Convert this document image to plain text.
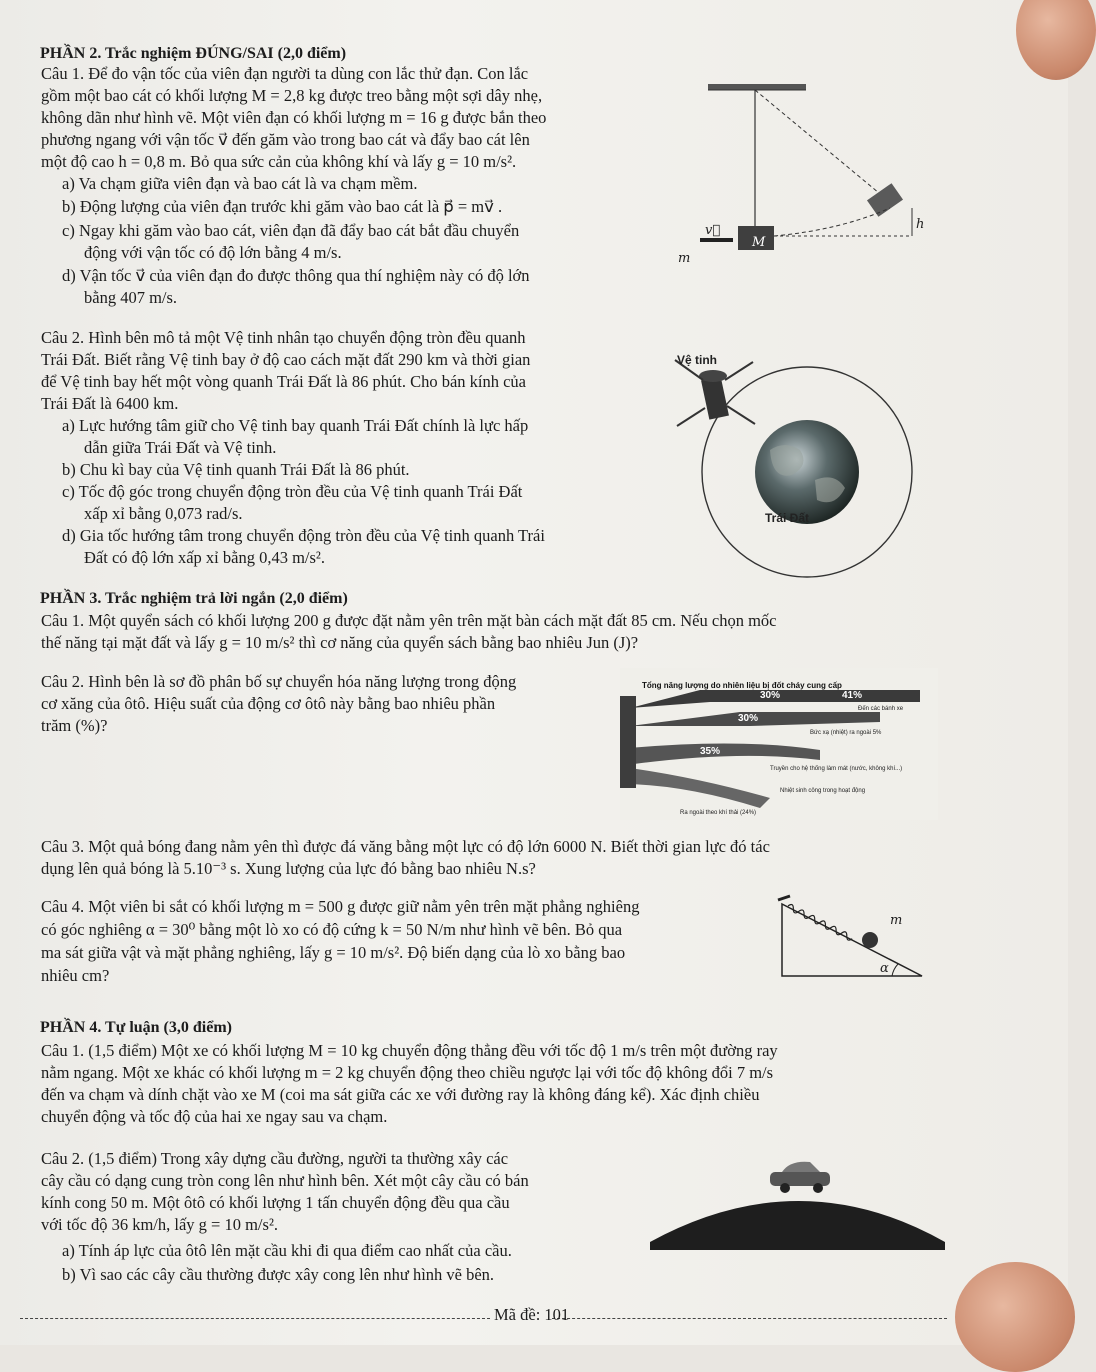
PHẦN 2. Trắc nghiệm ĐÚNG/SAI (2,0 điểm)
Câu 1. Để đo vận tốc của viên đạn người ta dùng con lắc thử đạn. Con lắc
gồm một bao cát có khối lượng M = 2,8 kg được treo bằng một sợi dây nhẹ,
không dãn như hình vẽ. Một viên đạn có khối lượng m = 16 g được bắn theo
phương ngang với vận tốc v⃗ đến găm vào trong bao cát và đẩy bao cát lên
một độ cao h = 0,8 m. Bỏ qua sức cản của không khí và lấy g = 10 m/s².
a) Va chạm giữa viên đạn và bao cát là va chạm mềm.
b) Động lượng của viên đạn trước khi găm vào bao cát là p⃗ = mv⃗ .
c) Ngay khi găm vào bao cát, viên đạn đã đẩy bao cát bắt đầu chuyển
động với vận tốc có độ lớn bằng 4 m/s.
d) Vận tốc v⃗ của viên đạn đo được thông qua thí nghiệm này có độ lớn
bằng 407 m/s.
v⃗
M
m
h
Câu 2. Hình bên mô tả một Vệ tinh nhân tạo chuyển động tròn đều quanh
Trái Đất. Biết rằng Vệ tinh bay ở độ cao cách mặt đất 290 km và thời gian
để Vệ tinh bay hết một vòng quanh Trái Đất là 86 phút. Cho bán kính của
Trái Đất là 6400 km.
a) Lực hướng tâm giữ cho Vệ tinh bay quanh Trái Đất chính là lực hấp
dẫn giữa Trái Đất và Vệ tinh.
b) Chu kì bay của Vệ tinh quanh Trái Đất là 86 phút.
c) Tốc độ góc trong chuyển động tròn đều của Vệ tinh quanh Trái Đất
xấp xỉ bằng 0,073 rad/s.
d) Gia tốc hướng tâm trong chuyển động tròn đều của Vệ tinh quanh Trái
Đất có độ lớn xấp xỉ bằng 0,43 m/s².
Vệ tinh
Trái Đất
PHẦN 3. Trắc nghiệm trả lời ngắn (2,0 điểm)
Câu 1. Một quyển sách có khối lượng 200 g được đặt nằm yên trên mặt bàn cách mặt đất 85 cm. Nếu chọn mốc
thế năng tại mặt đất và lấy g = 10 m/s² thì cơ năng của quyển sách bằng bao nhiêu Jun (J)?
Câu 2. Hình bên là sơ đồ phân bố sự chuyển hóa năng lượng trong động
cơ xăng của ôtô. Hiệu suất của động cơ ôtô này bằng bao nhiêu phần
trăm (%)?
Tổng năng lượng do nhiên liệu bị đốt cháy cung cấp
30%	41%
30%
35%
Đến các bánh xe
Bức xạ (nhiệt) ra ngoài 5%
Truyền cho hệ thống làm mát (nước, không khí...)
Nhiệt sinh công trong hoạt động
Ra ngoài theo khí thải (24%)
Câu 3. Một quả bóng đang nằm yên thì được đá văng bằng một lực có độ lớn 6000 N. Biết thời gian lực đó tác
dụng lên quả bóng là 5.10⁻³ s. Xung lượng của lực đó bằng bao nhiêu N.s?
Câu 4. Một viên bi sắt có khối lượng m = 500 g được giữ nằm yên trên mặt phẳng nghiêng
có góc nghiêng α = 30⁰ bằng một lò xo có độ cứng k = 50 N/m như hình vẽ bên. Bỏ qua
ma sát giữa vật và mặt phẳng nghiêng, lấy g = 10 m/s². Độ biến dạng của lò xo bằng bao
nhiêu cm?
m
α
PHẦN 4. Tự luận (3,0 điểm)
Câu 1. (1,5 điểm) Một xe có khối lượng M = 10 kg chuyển động thẳng đều với tốc độ 1 m/s trên một đường ray
nằm ngang. Một xe khác có khối lượng m = 2 kg chuyển động theo chiều ngược lại với tốc độ không đổi 7 m/s
đến va chạm và dính chặt vào xe M (coi ma sát giữa các xe với đường ray là không đáng kể). Xác định chiều
chuyển động và tốc độ của hai xe ngay sau va chạm.
Câu 2. (1,5 điểm) Trong xây dựng cầu đường, người ta thường xây các
cây cầu có dạng cung tròn cong lên như hình bên. Xét một cây cầu có bán
kính cong 50 m. Một ôtô có khối lượng 1 tấn chuyển động đều qua cầu
với tốc độ 36 km/h, lấy g = 10 m/s².
a) Tính áp lực của ôtô lên mặt cầu khi đi qua điểm cao nhất của cầu.
b) Vì sao các cây cầu thường được xây cong lên như hình vẽ bên.
Mã đề: 101
